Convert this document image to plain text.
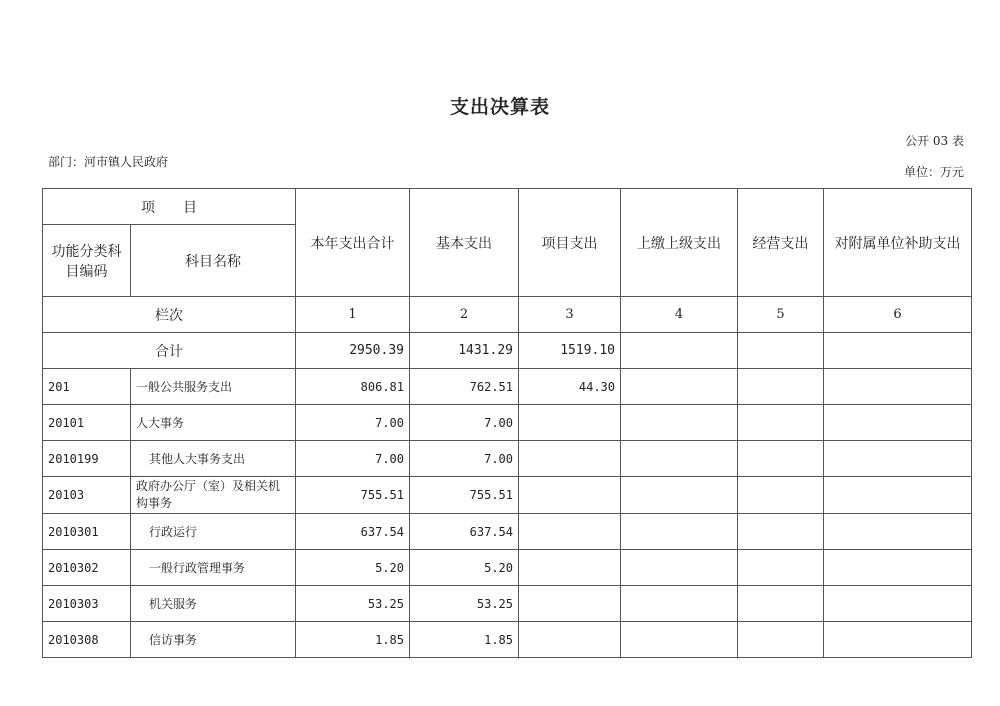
支出决算表
公开 03 表
部门：河市镇人民政府
单位：万元
项　　目		本年支出合计	基本支出	项目支出	上缴上级支出	经营支出	对附属单位补助支出
功能分类科目编码	科目名称						
栏次		1	2	3	4	5	6
合计		2950.39	1431.29	1519.10			
201	一般公共服务支出	806.81	762.51	44.30			
20101	人大事务	7.00	7.00				
2010199	其他人大事务支出	7.00	7.00				
20103	政府办公厅（室）及相关机构事务	755.51	755.51				
2010301	行政运行	637.54	637.54				
2010302	一般行政管理事务	5.20	5.20				
2010303	机关服务	53.25	53.25				
2010308	信访事务	1.85	1.85				
